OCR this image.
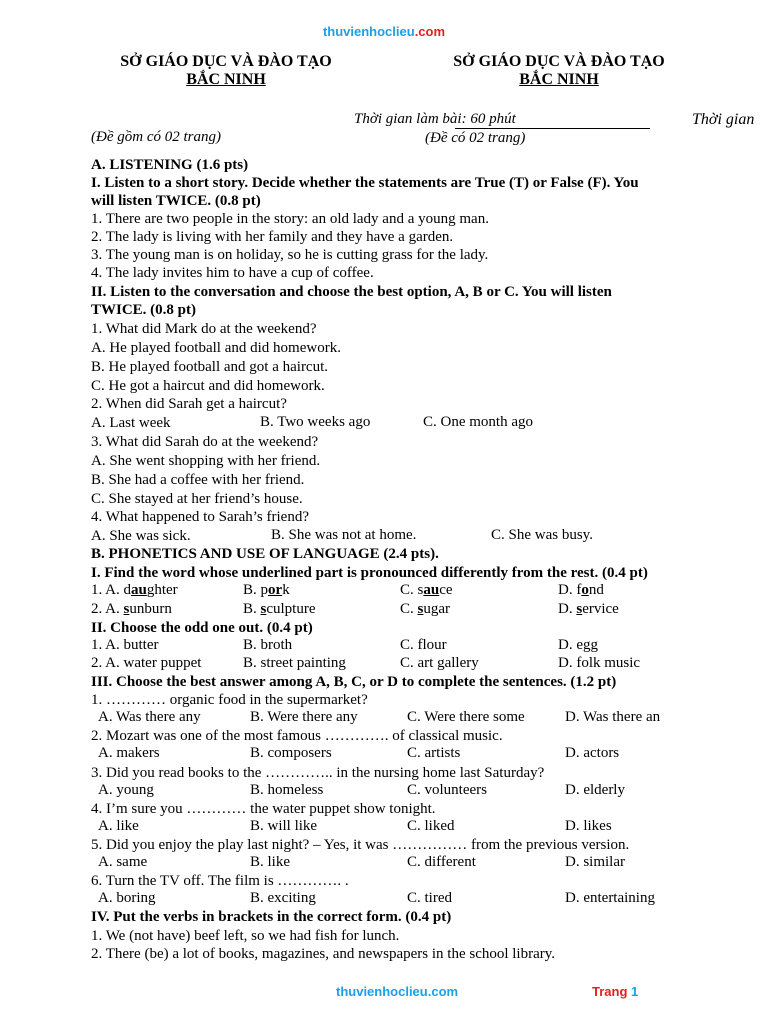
thuvienhoclieu.com
SỞ GIÁO DỤC VÀ ĐÀO TẠO
BẮC NINH
SỞ GIÁO DỤC VÀ ĐÀO TẠO
BẮC NINH
Thời gian làm bài: 60 phút	Thời gian
(Đề gồm có 02 trang)	(Đề có 02 trang)
A. LISTENING (1.6 pts)
I. Listen to a short story. Decide whether the statements are True (T) or False (F). You
will listen TWICE. (0.8 pt)
1. There are two people in the story: an old lady and a young man.
2. The lady is living with her family and they have a garden.
3. The young man is on holiday, so he is cutting grass for the lady.
4. The lady invites him to have a cup of coffee.
II. Listen to the conversation and choose the best option, A, B or C. You will listen
TWICE. (0.8 pt)
1. What did Mark do at the weekend?
A. He played football and did homework.
B. He played football and got a haircut.
C. He got a haircut and did homework.
2. When did Sarah get a haircut?
A. Last week	B. Two weeks ago	C. One month ago
3. What did Sarah do at the weekend?
A. She went shopping with her friend.
B. She had a coffee with her friend.
C. She stayed at her friend’s house.
4. What happened to Sarah’s friend?
A. She was sick.	B. She was not at home.	C. She was busy.
B. PHONETICS AND USE OF LANGUAGE (2.4 pts).
I. Find the word whose underlined part is pronounced differently from the rest. (0.4 pt)
1. A. daughter	B. pork	C. sauce	D. fond
2. A. sunburn	B. sculpture	C. sugar	D. service
II. Choose the odd one out. (0.4 pt)
1. A. butter	B. broth	C. flour	D. egg
2. A. water puppet	B. street painting	C. art gallery	D. folk music
III. Choose the best answer among A, B, C, or D to complete the sentences. (1.2 pt)
1. ………… organic food in the supermarket?
A. Was there any	B. Were there any	C. Were there some	D. Was there an
2. Mozart was one of the most famous …………. of classical music.
A. makers	B. composers	C. artists	D. actors
3. Did you read books to the ………….. in the nursing home last Saturday?
A. young	B. homeless	C. volunteers	D. elderly
4. I’m sure you ………… the water puppet show tonight.
A. like	B. will like	C. liked	D. likes
5. Did you enjoy the play last night? – Yes, it was …………… from the previous version.
A. same	B. like	C. different	D. similar
6. Turn the TV off. The film is …………. .
A. boring	B. exciting	C. tired	D. entertaining
IV. Put the verbs in brackets in the correct form. (0.4 pt)
1. We (not have) beef left, so we had fish for lunch.
2. There (be) a lot of books, magazines, and newspapers in the school library.
thuvienhoclieu.com	Trang 1
